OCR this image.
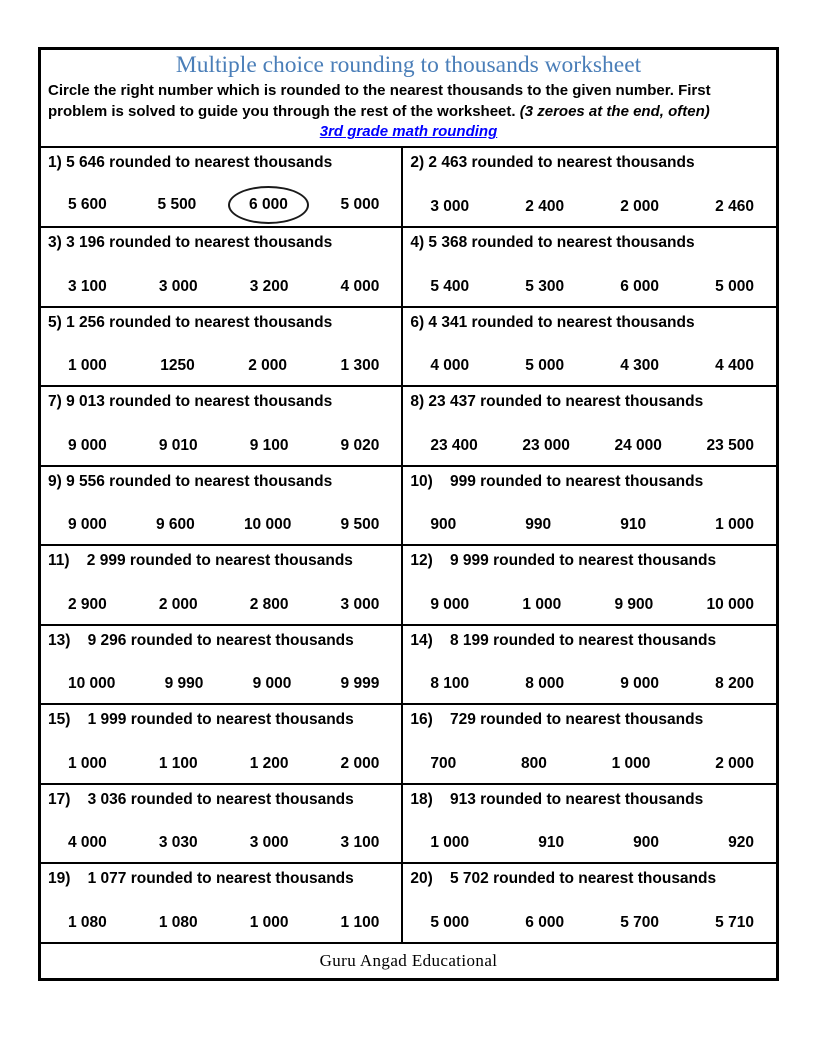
Multiple choice rounding to thousands worksheet
Circle the right number which is rounded to the nearest thousands to the given number. First problem is solved to guide you through the rest of the worksheet. (3 zeroes at the end, often)
3rd grade math rounding
1) 5 646 rounded to nearest thousands
5 600	5 500	6 000	5 000
2) 2 463 rounded to nearest thousands
3 000	2 400	2 000	2 460
3) 3 196 rounded to nearest thousands
3 100	3 000	3 200	4 000
4) 5 368 rounded to nearest thousands
5 400	5 300	6 000	5 000
5) 1 256 rounded to nearest thousands
1 000	1250	2 000	1 300
6) 4 341 rounded to nearest thousands
4 000	5 000	4 300	4 400
7) 9 013 rounded to nearest thousands
9 000	9 010	9 100	9 020
8) 23 437 rounded to nearest thousands
23 400	23 000	24 000	23 500
9) 9 556 rounded to nearest thousands
9 000	9 600	10 000	9 500
10)    999 rounded to nearest thousands
900	990	910	1 000
11)    2 999 rounded to nearest thousands
2 900	2 000	2 800	3 000
12)    9 999 rounded to nearest thousands
9 000	1 000	9 900	10 000
13)    9 296 rounded to nearest thousands
10 000	9 990	9 000	9 999
14)    8 199 rounded to nearest thousands
8 100	8 000	9 000	8 200
15)    1 999 rounded to nearest thousands
1 000	1 100	1 200	2 000
16)    729 rounded to nearest thousands
700	800	1 000	2 000
17)    3 036 rounded to nearest thousands
4 000	3 030	3 000	3 100
18)    913 rounded to nearest thousands
1 000	910	900	920
19)    1 077 rounded to nearest thousands
1 080	1 080	1 000	1 100
20)    5 702 rounded to nearest thousands
5 000	6 000	5 700	5 710
Guru Angad Educational
